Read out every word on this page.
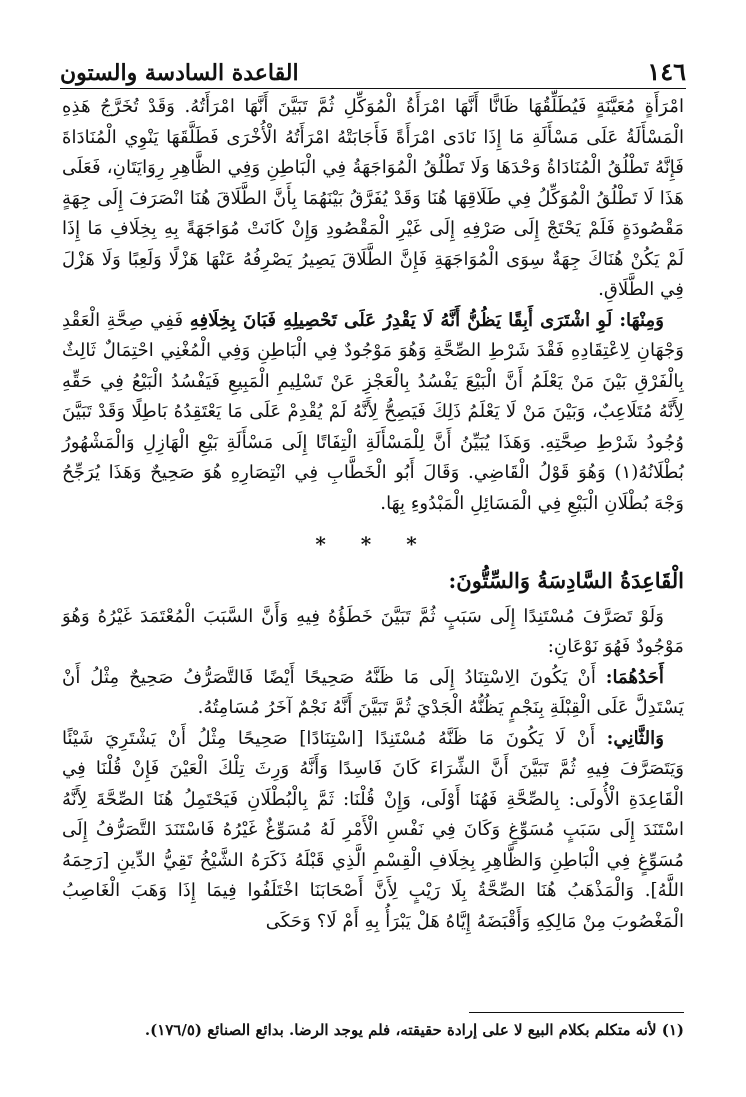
١٤٦
القاعدة السادسة والستون

امْرَأَةٍ مُعَيَّنَةٍ فَيُطَلِّقُهَا ظَانًّا أَنَّهَا امْرَأَةُ الْمُوَكِّلِ ثُمَّ تَبَيَّنَ أَنَّهَا امْرَأَتُهُ. وَقَدْ تُخَرَّجُ هَذِهِ الْمَسْأَلَةُ عَلَى مَسْأَلَةِ مَا إِذَا نَادَى امْرَأَةً فَأَجَابَتْهُ امْرَأَتُهُ الْأُخْرَى فَطَلَّقَهَا يَنْوِي الْمُنَادَاةَ فَإِنَّهُ تَطْلُقُ الْمُنَادَاةُ وَحْدَهَا وَلَا تَطْلُقُ الْمُوَاجَهَةُ فِي الْبَاطِنِ وَفِي الظَّاهِرِ رِوَايَتَانِ، فَعَلَى هَذَا لَا تَطْلُقُ الْمُوَكِّلُ فِي طَلَاقِهَا هُنَا وَقَدْ يُفَرَّقُ بَيْنَهُمَا بِأَنَّ الطَّلَاقَ هُنَا انْصَرَفَ إِلَى جِهَةٍ مَقْصُودَةٍ فَلَمْ يَحْتَجْ إِلَى صَرْفِهِ إِلَى غَيْرِ الْمَقْصُودِ وَإِنْ كَانَتْ مُوَاجَهَةً بِهِ بِخِلَافِ مَا إِذَا لَمْ يَكُنْ هُنَاكَ جِهَةٌ سِوَى الْمُوَاجَهَةِ فَإِنَّ الطَّلَاقَ يَصِيرُ يَصْرِفُهُ عَنْهَا هَزْلًا وَلَعِبًا وَلَا هَزْلَ فِي الطَّلَاقِ.

وَمِنْهَا: لَوِ اشْتَرَى أَبِقًا يَظُنُّ أَنَّهُ لَا يَقْدِرُ عَلَى تَحْصِيلِهِ فَبَانَ بِخِلَافِهِ فَفِي صِحَّةِ الْعَقْدِ وَجْهَانِ لِاعْتِقَادِهِ فَقْدَ شَرْطِ الصِّحَّةِ وَهُوَ مَوْجُودٌ فِي الْبَاطِنِ وَفِي الْمُغْنِي احْتِمَالٌ ثَالِثٌ بِالْفَرْقِ بَيْنَ مَنْ يَعْلَمُ أَنَّ الْبَيْعَ يَفْسُدُ بِالْعَجْزِ عَنْ تَسْلِيمِ الْمَبِيعِ فَيَفْسُدُ الْبَيْعُ فِي حَقِّهِ لِأَنَّهُ مُتَلَاعِبٌ، وَبَيْنَ مَنْ لَا يَعْلَمُ ذَلِكَ فَيَصِحُّ لِأَنَّهُ لَمْ يُقْدِمْ عَلَى مَا يَعْتَقِدُهُ بَاطِلًا وَقَدْ تَبَيَّنَ وُجُودُ شَرْطِ صِحَّتِهِ. وَهَذَا يُبَيِّنُ أَنَّ لِلْمَسْأَلَةِ الْتِفَاتًا إِلَى مَسْأَلَةِ بَيْعِ الْهَازِلِ وَالْمَشْهُورُ بُطْلَانُهُ(١) وَهُوَ قَوْلُ الْقَاضِي. وَقَالَ أَبُو الْخَطَّابِ فِي انْتِصَارِهِ هُوَ صَحِيحٌ وَهَذَا يُرَجِّحُ وَجْهَ بُطْلَانِ الْبَيْعِ فِي الْمَسَائِلِ الْمَبْدُوءِ بِهَا.

* * *
الْقَاعِدَةُ السَّادِسَةُ وَالسِّتُّونَ:

وَلَوْ تَصَرَّفَ مُسْتَنِدًا إِلَى سَبَبٍ ثُمَّ تَبَيَّنَ خَطَؤُهُ فِيهِ وَأَنَّ السَّبَبَ الْمُعْتَمَدَ غَيْرُهُ وَهُوَ مَوْجُودٌ فَهُوَ نَوْعَانِ:

أَحَدُهُمَا: أَنْ يَكُونَ الِاسْتِنَادُ إِلَى مَا ظَنَّهُ صَحِيحًا أَيْضًا فَالتَّصَرُّفُ صَحِيحٌ مِثْلُ أَنْ يَسْتَدِلَّ عَلَى الْقِبْلَةِ بِنَجْمٍ يَظُنُّهُ الْجَدْيَ ثُمَّ تَبَيَّنَ أَنَّهُ نَجْمٌ آخَرُ مُسَامِتُهُ.

وَالثَّانِي: أَنْ لَا يَكُونَ مَا ظَنَّهُ مُسْتَنِدًا [اسْتِنَادًا] صَحِيحًا مِثْلُ أَنْ يَشْتَرِيَ شَيْئًا وَيَتَصَرَّفَ فِيهِ ثُمَّ تَبَيَّنَ أَنَّ الشِّرَاءَ كَانَ فَاسِدًا وَأَنَّهُ وَرِثَ تِلْكَ الْعَيْنَ فَإِنْ قُلْنَا فِي الْقَاعِدَةِ الْأُولَى: بِالصِّحَّةِ فَهُنَا أَوْلَى، وَإِنْ قُلْنَا: ثَمَّ بِالْبُطْلَانِ فَيَحْتَمِلُ هُنَا الصِّحَّةَ لِأَنَّهُ اسْتَنَدَ إِلَى سَبَبٍ مُسَوِّغٍ وَكَانَ فِي نَفْسِ الْأَمْرِ لَهُ مُسَوِّغٌ غَيْرُهُ فَاسْتَنَدَ التَّصَرُّفُ إِلَى مُسَوِّغٍ فِي الْبَاطِنِ وَالظَّاهِرِ بِخِلَافِ الْقِسْمِ الَّذِي قَبْلَهُ ذَكَرَهُ الشَّيْخُ تَقِيُّ الدِّينِ [رَحِمَهُ اللَّهُ]. وَالْمَذْهَبُ هُنَا الصِّحَّةُ بِلَا رَيْبٍ لِأَنَّ أَصْحَابَنَا اخْتَلَفُوا فِيمَا إِذَا وَهَبَ الْغَاصِبُ الْمَغْصُوبَ مِنْ مَالِكِهِ وَأَقْبَضَهُ إِيَّاهُ هَلْ يَبْرَأُ بِهِ أَمْ لَا؟ وَحَكَى

(١) لأنه متكلم بكلام البيع لا على إرادة حقيقته، فلم يوجد الرضا. بدائع الصنائع (١٧٦/٥).
